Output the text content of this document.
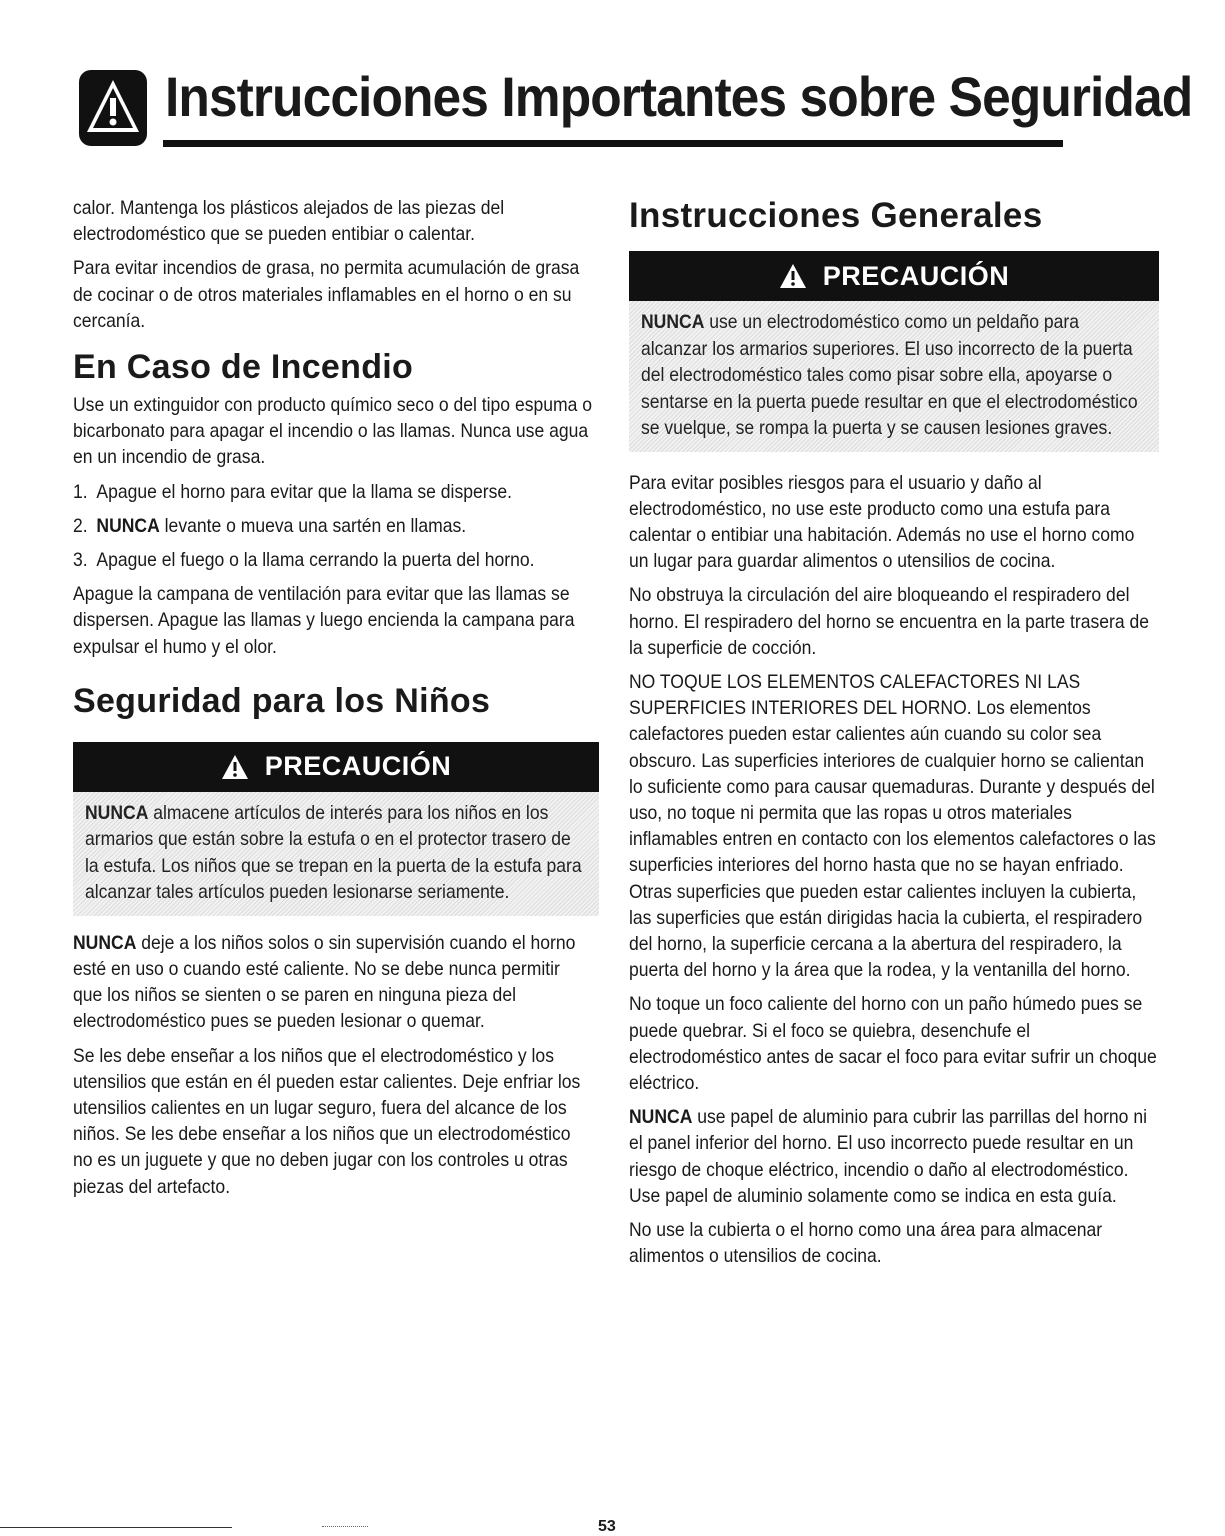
Instrucciones Importantes sobre Seguridad

calor. Mantenga los plásticos alejados de las piezas del electrodoméstico que se pueden entibiar o calentar.

Para evitar incendios de grasa, no permita acumulación de grasa de cocinar o de otros materiales inflamables en el horno o en su cercanía.

En Caso de Incendio

Use un extinguidor con producto químico seco o del tipo espuma o bicarbonato para apagar el incendio o las llamas. Nunca use agua en un incendio de grasa.

1. Apague el horno para evitar que la llama se disperse.
2. NUNCA levante o mueva una sartén en llamas.
3. Apague el fuego o la llama cerrando la puerta del horno.

Apague la campana de ventilación para evitar que las llamas se dispersen. Apague las llamas y luego encienda la campana para expulsar el humo y el olor.

Seguridad para los Niños
PRECAUCIÓN

NUNCA almacene artículos de interés para los niños en los armarios que están sobre la estufa o en el protector trasero de la estufa. Los niños que se trepan en la puerta de la estufa para alcanzar tales artículos pueden lesionarse seriamente.

NUNCA deje a los niños solos o sin supervisión cuando el horno esté en uso o cuando esté caliente. No se debe nunca permitir que los niños se sienten o se paren en ninguna pieza del electrodoméstico pues se pueden lesionar o quemar.

Se les debe enseñar a los niños que el electrodoméstico y los utensilios que están en él pueden estar calientes. Deje enfriar los utensilios calientes en un lugar seguro, fuera del alcance de los niños. Se les debe enseñar a los niños que un electrodoméstico no es un juguete y que no deben jugar con los controles u otras piezas del artefacto.

Instrucciones Generales
PRECAUCIÓN

NUNCA use un electrodoméstico como un peldaño para alcanzar los armarios superiores. El uso incorrecto de la puerta del electrodoméstico tales como pisar sobre ella, apoyarse o sentarse en la puerta puede resultar en que el electrodoméstico se vuelque, se rompa la puerta y se causen lesiones graves.

Para evitar posibles riesgos para el usuario y daño al electrodoméstico, no use este producto como una estufa para calentar o entibiar una habitación. Además no use el horno como un lugar para guardar alimentos o utensilios de cocina.

No obstruya la circulación del aire bloqueando el respiradero del horno. El respiradero del horno se encuentra en la parte trasera de la superficie de cocción.

NO TOQUE LOS ELEMENTOS CALEFACTORES NI LAS SUPERFICIES INTERIORES DEL HORNO. Los elementos calefactores pueden estar calientes aún cuando su color sea obscuro. Las superficies interiores de cualquier horno se calientan lo suficiente como para causar quemaduras. Durante y después del uso, no toque ni permita que las ropas u otros materiales inflamables entren en contacto con los elementos calefactores o las superficies interiores del horno hasta que no se hayan enfriado. Otras superficies que pueden estar calientes incluyen la cubierta, las superficies que están dirigidas hacia la cubierta, el respiradero del horno, la superficie cercana a la abertura del respiradero, la puerta del horno y la área que la rodea, y la ventanilla del horno.

No toque un foco caliente del horno con un paño húmedo pues se puede quebrar. Si el foco se quiebra, desenchufe el electrodoméstico antes de sacar el foco para evitar sufrir un choque eléctrico.

NUNCA use papel de aluminio para cubrir las parrillas del horno ni el panel inferior del horno. El uso incorrecto puede resultar en un riesgo de choque eléctrico, incendio o daño al electrodoméstico. Use papel de aluminio solamente como se indica en esta guía.

No use la cubierta o el horno como una área para almacenar alimentos o utensilios de cocina.

53
